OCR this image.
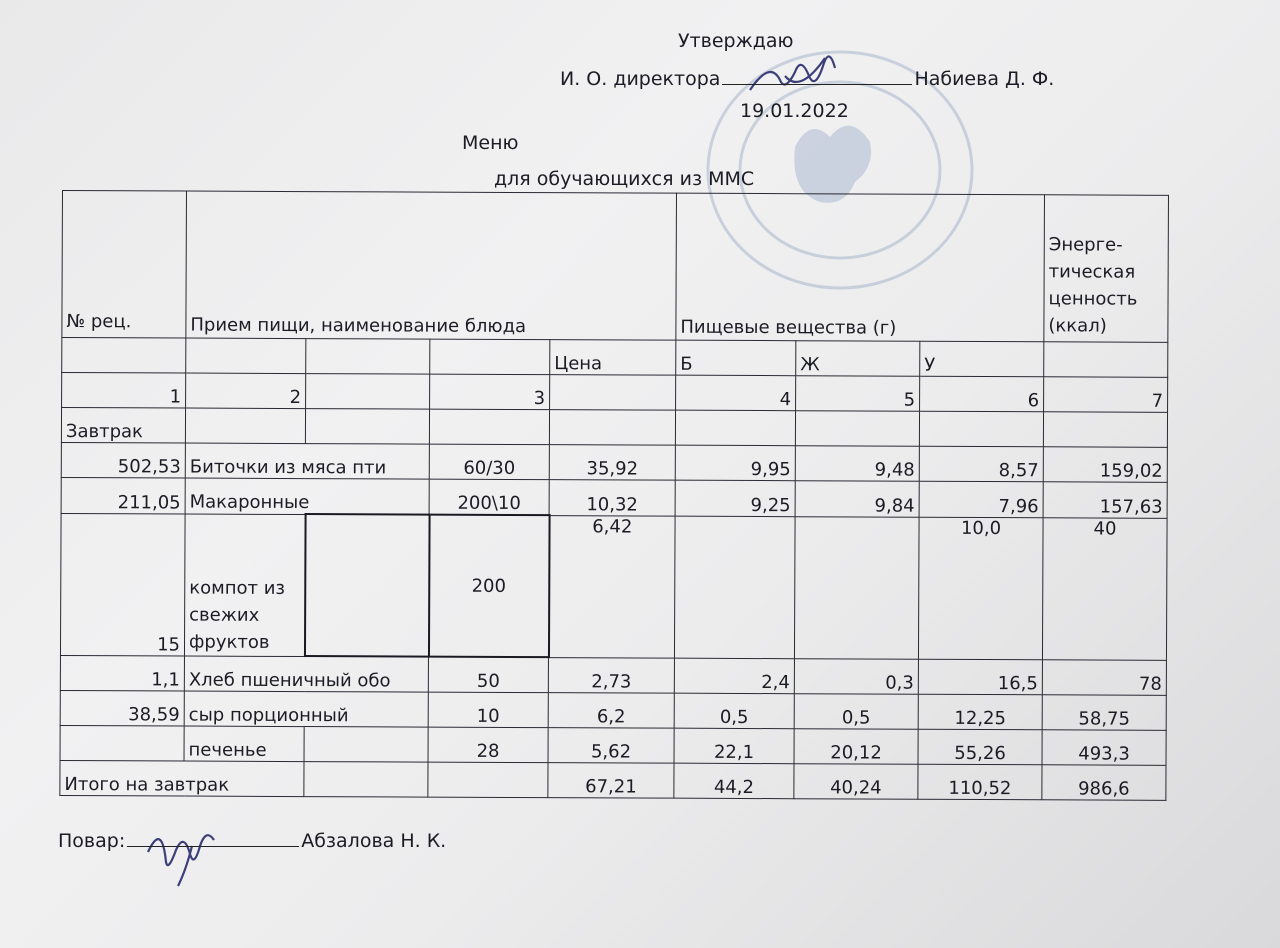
Утверждаю
И. О. директора	Набиева Д. Ф.
19.01.2022
Меню
для обучающихся из ММС
№ рец.	Прием пищи, наименование блюда				Пищевые вещества (г)			Энерге-тическая ценность (ккал)
				Цена	Б	Ж	У	
1	2		3		4	5	6	7
Завтрак								
502,53	Биточки из мяса пти		60/30	35,92	9,95	9,48	8,57	159,02
211,05	Макаронные		200\10	10,32	9,25	9,84	7,96	157,63
15	компот из свежих фруктов		200	6,42			10,0	40
1,1	Хлеб пшеничный обо		50	2,73	2,4	0,3	16,5	78
38,59	сыр порционный		10	6,2	0,5	0,5	12,25	58,75
	печенье		28	5,62	22,1	20,12	55,26	493,3
Итого на завтрак				67,21	44,2	40,24	110,52	986,6
Повар:	Абзалова Н. К.
